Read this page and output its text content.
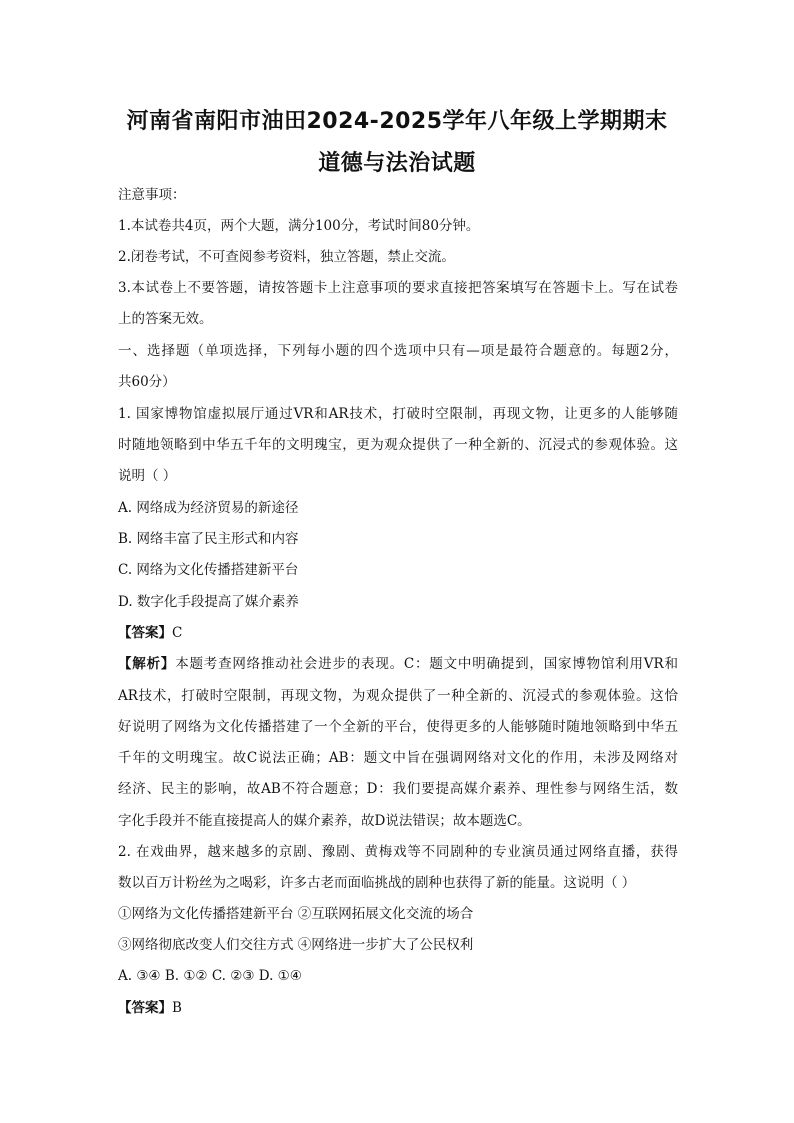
河南省南阳市油田2024-2025学年八年级上学期期末
道德与法治试题
注意事项：
1.本试卷共4页，两个大题，满分100分，考试时间80分钟。
2.闭卷考试，不可查阅参考资料，独立答题，禁止交流。
3.本试卷上不要答题，请按答题卡上注意事项的要求直接把答案填写在答题卡上。写在试卷
上的答案无效。
一、选择题（单项选择，下列每小题的四个选项中只有—项是最符合题意的。每题2分，
共60分）
1. 国家博物馆虚拟展厅通过VR和AR技术，打破时空限制，再现文物，让更多的人能够随
时随地领略到中华五千年的文明瑰宝，更为观众提供了一种全新的、沉浸式的参观体验。这
说明（ ）
A. 网络成为经济贸易的新途径
B. 网络丰富了民主形式和内容
C. 网络为文化传播搭建新平台
D. 数字化手段提高了媒介素养
【答案】C
【解析】本题考查网络推动社会进步的表现。C：题文中明确提到，国家博物馆利用VR和
AR技术，打破时空限制，再现文物，为观众提供了一种全新的、沉浸式的参观体验。这恰
好说明了网络为文化传播搭建了一个全新的平台，使得更多的人能够随时随地领略到中华五
千年的文明瑰宝。故C说法正确；AB：题文中旨在强调网络对文化的作用，未涉及网络对
经济、民主的影响，故AB不符合题意；D：我们要提高媒介素养、理性参与网络生活，数
字化手段并不能直接提高人的媒介素养，故D说法错误；故本题选C。
2. 在戏曲界，越来越多的京剧、豫剧、黄梅戏等不同剧种的专业演员通过网络直播，获得
数以百万计粉丝为之喝彩，许多古老而面临挑战的剧种也获得了新的能量。这说明（ ）
①网络为文化传播搭建新平台 ②互联网拓展文化交流的场合
③网络彻底改变人们交往方式 ④网络进一步扩大了公民权利
A. ③④ B. ①② C. ②③ D. ①④
【答案】B
